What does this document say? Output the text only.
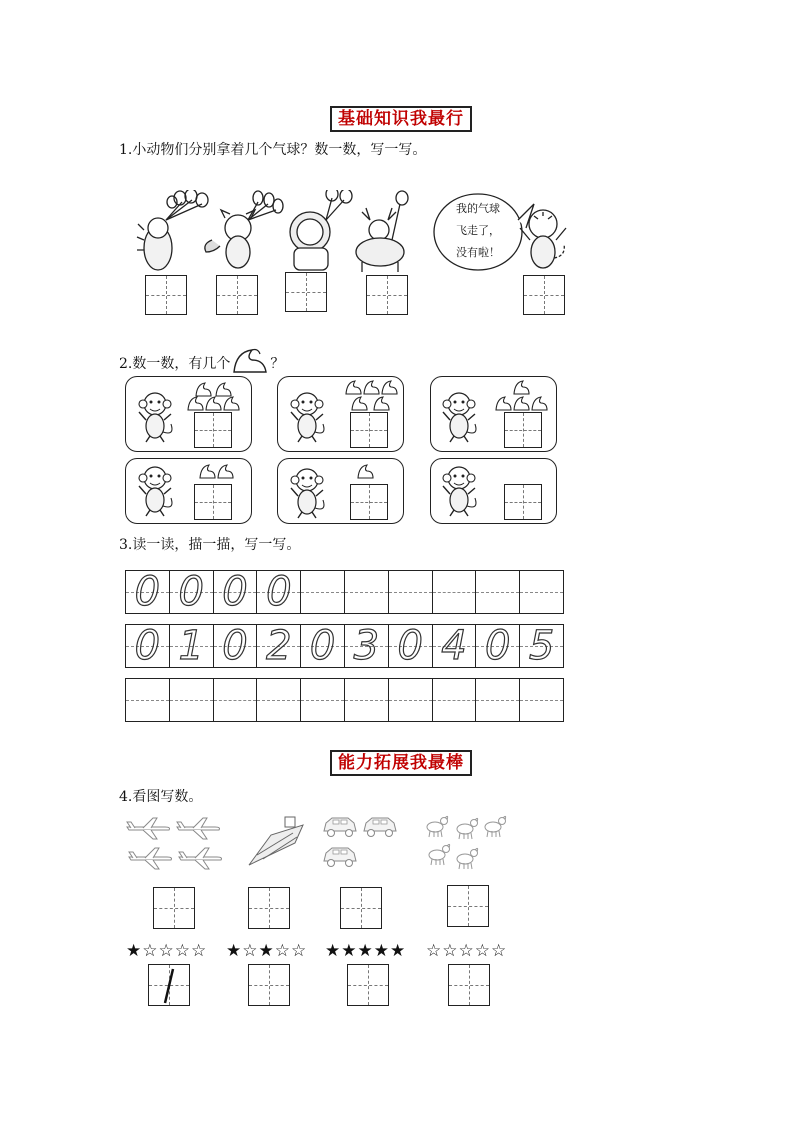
基础知识我最行
1.小动物们分别拿着几个气球？数一数，写一写。
我的气球
飞走了，
没有啦！
2.数一数，有几个	？
3.读一读，描一描，写一写。
0 0 0 0
0 1 0 2 0 3 0 4 0 5
能力拓展我最棒
4.看图写数。
★☆☆☆☆ ★☆★☆☆ ★★★★★ ☆☆☆☆☆
